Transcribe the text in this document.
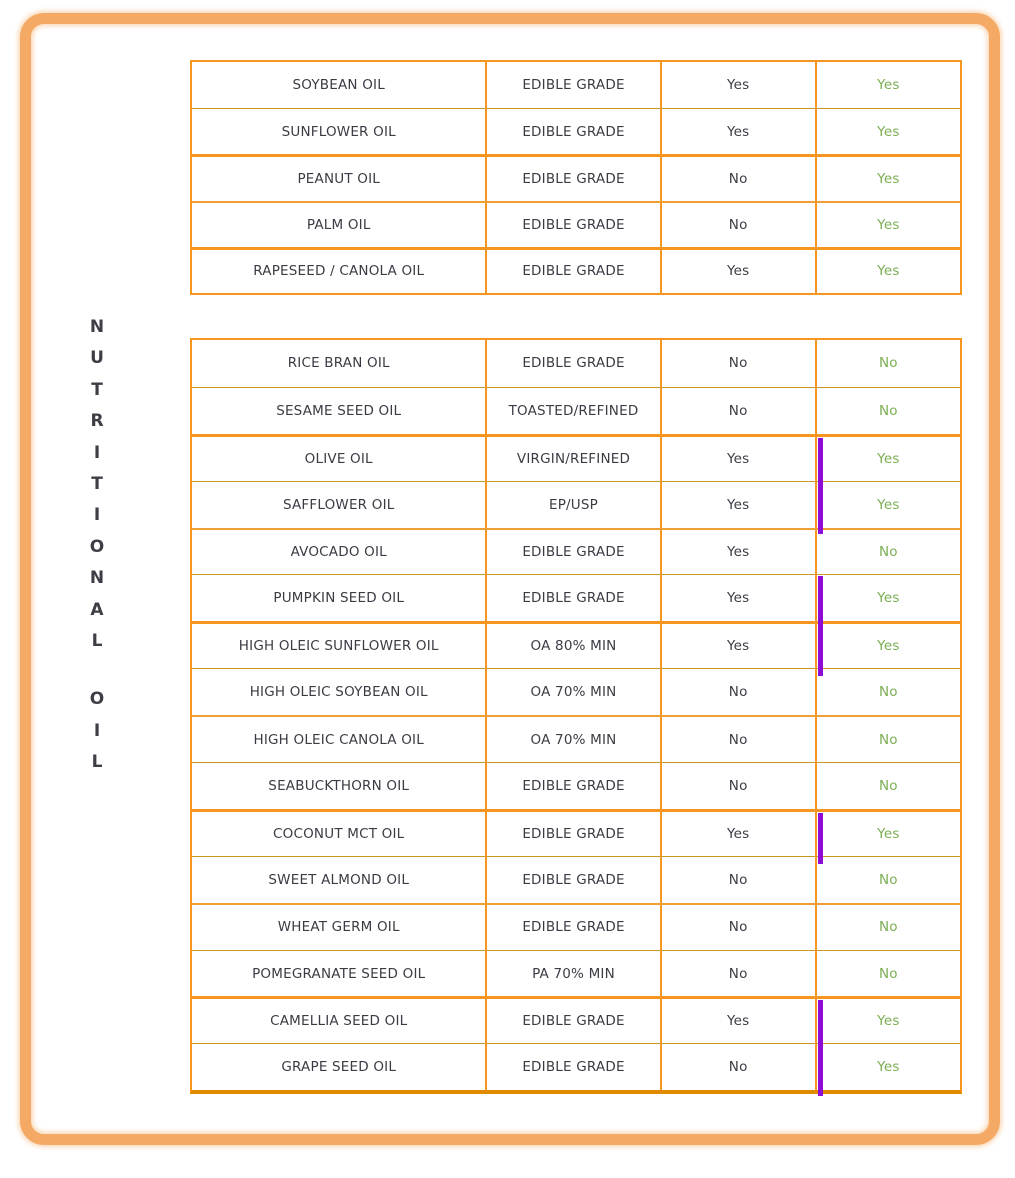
N
U
T
R
I
T
I
O
N
A
L
O
I
L
SOYBEAN OIL	EDIBLE GRADE	Yes	Yes
SUNFLOWER OIL	EDIBLE GRADE	Yes	Yes
PEANUT OIL	EDIBLE GRADE	No	Yes
PALM OIL	EDIBLE GRADE	No	Yes
RAPESEED / CANOLA OIL	EDIBLE GRADE	Yes	Yes
RICE BRAN OIL	EDIBLE GRADE	No	No
SESAME SEED OIL	TOASTED/REFINED	No	No
OLIVE OIL	VIRGIN/REFINED	Yes	Yes
SAFFLOWER OIL	EP/USP	Yes	Yes
AVOCADO OIL	EDIBLE GRADE	Yes	No
PUMPKIN SEED OIL	EDIBLE GRADE	Yes	Yes
HIGH OLEIC SUNFLOWER OIL	OA 80% MIN	Yes	Yes
HIGH OLEIC SOYBEAN OIL	OA 70% MIN	No	No
HIGH OLEIC CANOLA OIL	OA 70% MIN	No	No
SEABUCKTHORN OIL	EDIBLE GRADE	No	No
COCONUT MCT OIL	EDIBLE GRADE	Yes	Yes
SWEET ALMOND OIL	EDIBLE GRADE	No	No
WHEAT GERM OIL	EDIBLE GRADE	No	No
POMEGRANATE SEED OIL	PA 70% MIN	No	No
CAMELLIA SEED OIL	EDIBLE GRADE	Yes	Yes
GRAPE SEED OIL	EDIBLE GRADE	No	Yes
